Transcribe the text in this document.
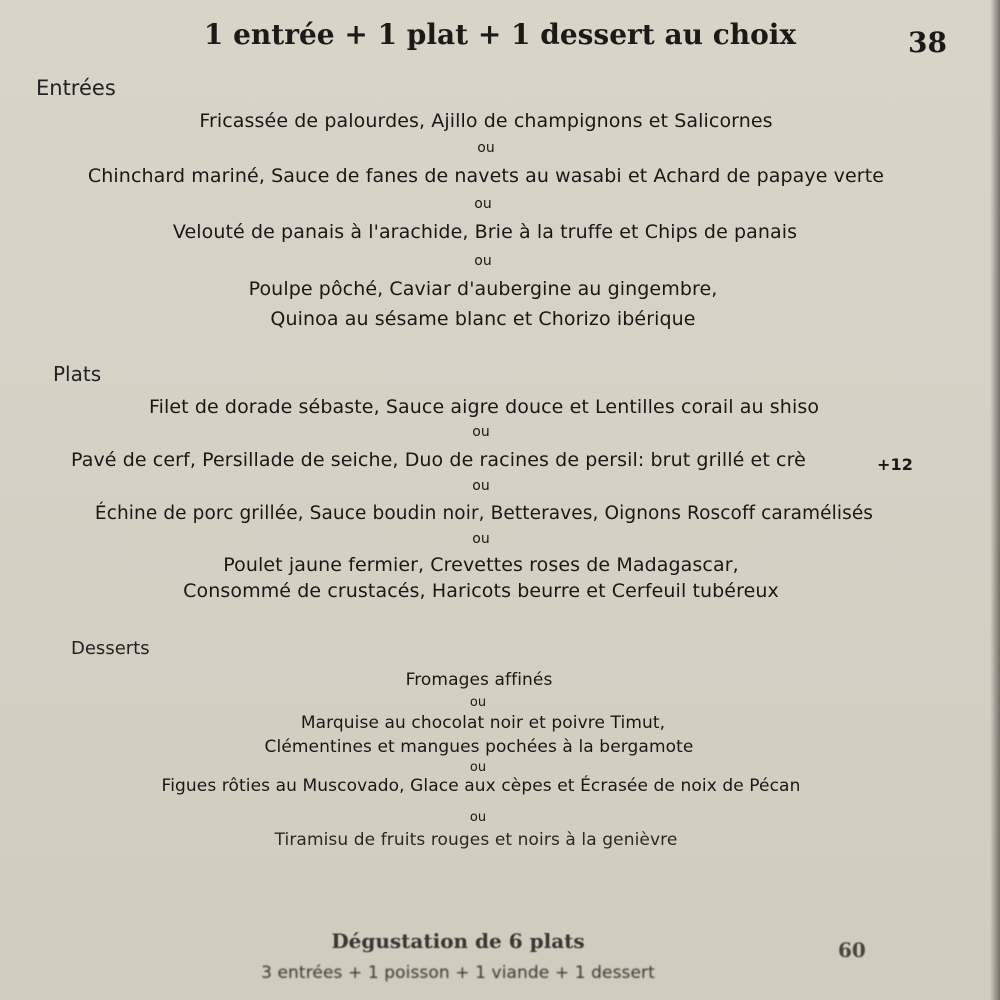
1 entrée + 1 plat + 1 dessert au choix	38
Entrées
Fricassée de palourdes, Ajillo de champignons et Salicornes
ou
Chinchard mariné, Sauce de fanes de navets au wasabi et Achard de papaye verte
ou
Velouté de panais à l'arachide, Brie à la truffe et Chips de panais
ou
Poulpe pôché, Caviar d'aubergine au gingembre,
Quinoa au sésame blanc et Chorizo ibérique
Plats
Filet de dorade sébaste, Sauce aigre douce et Lentilles corail au shiso
ou
Pavé de cerf, Persillade de seiche, Duo de racines de persil: brut grillé et crè	+12
ou
Échine de porc grillée, Sauce boudin noir, Betteraves, Oignons Roscoff caramélisés
ou
Poulet jaune fermier, Crevettes roses de Madagascar,
Consommé de crustacés, Haricots beurre et Cerfeuil tubéreux
Desserts
Fromages affinés
ou
Marquise au chocolat noir et poivre Timut,
Clémentines et mangues pochées à la bergamote
ou
Figues rôties au Muscovado, Glace aux cèpes et Écrasée de noix de Pécan
ou
Tiramisu de fruits rouges et noirs à la genièvre
Dégustation de 6 plats	60
3 entrées + 1 poisson + 1 viande + 1 dessert
